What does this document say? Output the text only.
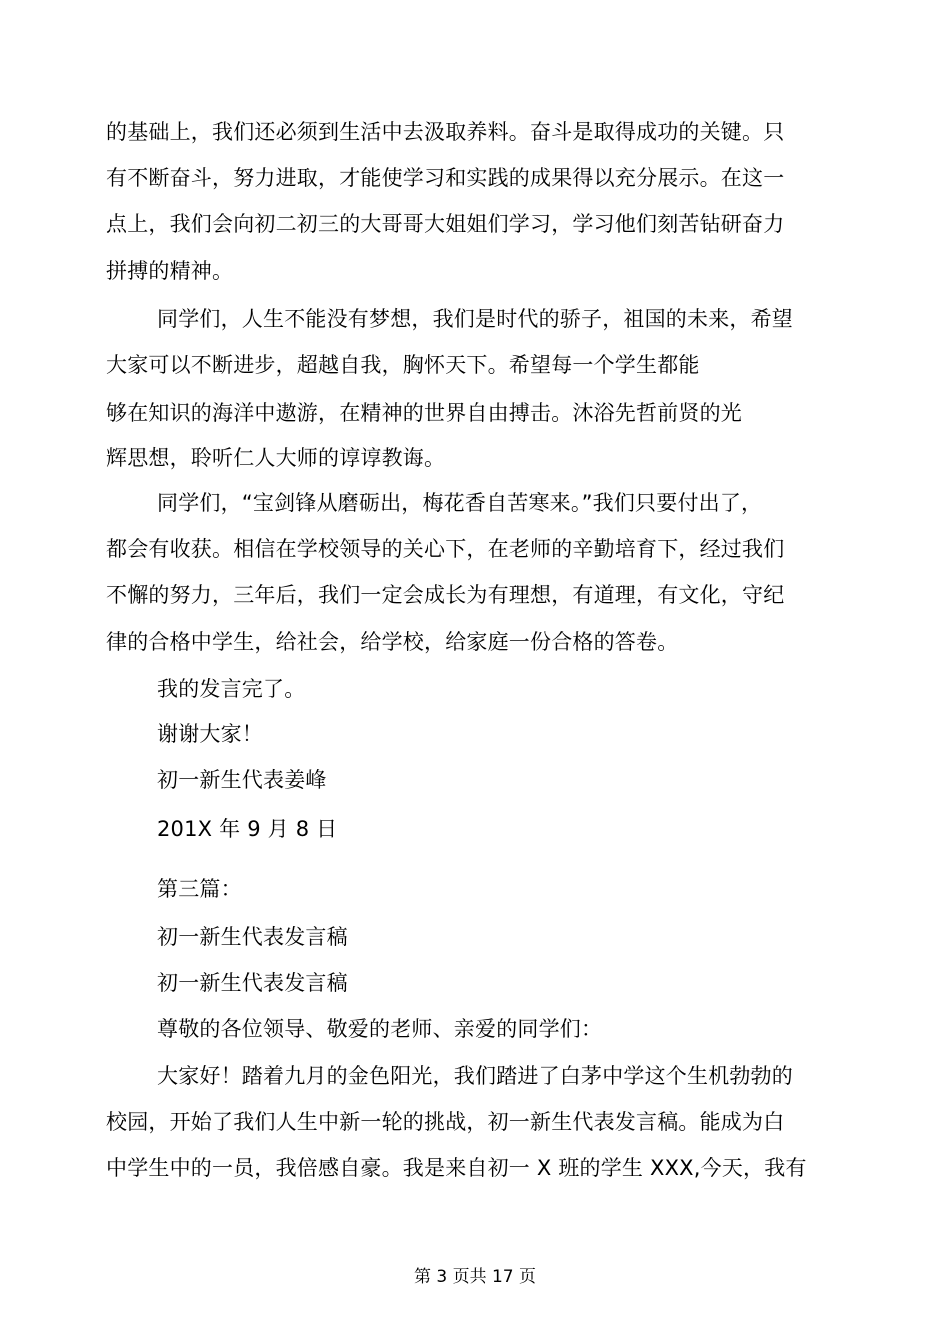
的基础上，我们还必须到生活中去汲取养料。奋斗是取得成功的关键。只
有不断奋斗，努力进取，才能使学习和实践的成果得以充分展示。在这一
点上，我们会向初二初三的大哥哥大姐姐们学习，学习他们刻苦钻研奋力
拼搏的精神。
同学们，人生不能没有梦想，我们是时代的骄子，祖国的未来，希望
大家可以不断进步，超越自我，胸怀天下。希望每一个学生都能
够在知识的海洋中遨游，在精神的世界自由搏击。沐浴先哲前贤的光
辉思想，聆听仁人大师的谆谆教诲。
同学们，“宝剑锋从磨砺出，梅花香自苦寒来。”我们只要付出了，
都会有收获。相信在学校领导的关心下，在老师的辛勤培育下，经过我们
不懈的努力，三年后，我们一定会成长为有理想，有道理，有文化，守纪
律的合格中学生，给社会，给学校，给家庭一份合格的答卷。
我的发言完了。
谢谢大家！
初一新生代表姜峰
201X 年 9 月 8 日
第三篇：
初一新生代表发言稿
初一新生代表发言稿
尊敬的各位领导、敬爱的老师、亲爱的同学们：
大家好！踏着九月的金色阳光，我们踏进了白茅中学这个生机勃勃的
校园，开始了我们人生中新一轮的挑战，初一新生代表发言稿。能成为白
中学生中的一员，我倍感自豪。我是来自初一 X 班的学生 XXX,今天，我有
第 3 页共 17 页
